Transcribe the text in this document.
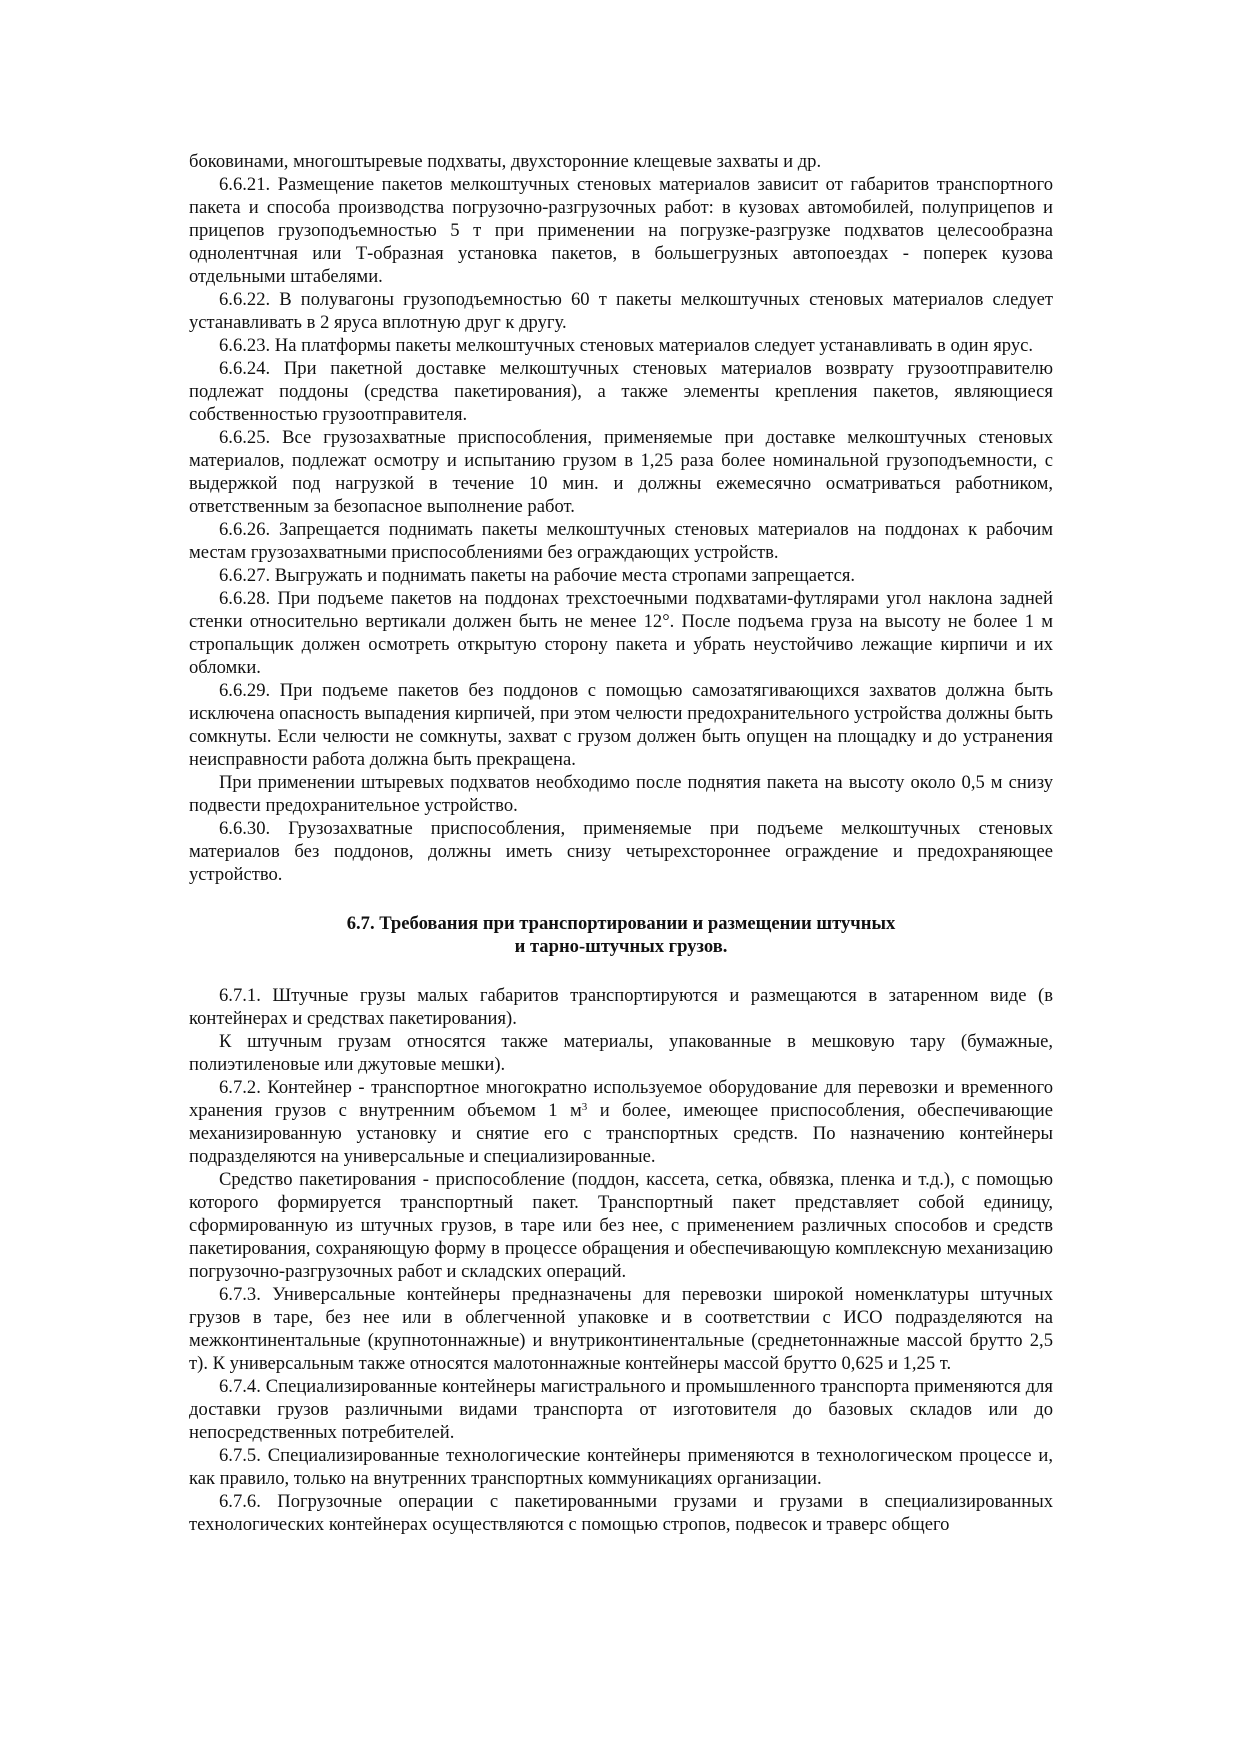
боковинами, многоштыревые подхваты, двухсторонние клещевые захваты и др.

6.6.21. Размещение пакетов мелкоштучных стеновых материалов зависит от габаритов транспортного пакета и способа производства погрузочно-разгрузочных работ: в кузовах автомобилей, полуприцепов и прицепов грузоподъемностью 5 т при применении на погрузке-разгрузке подхватов целесообразна однолентчная или Т-образная установка пакетов, в большегрузных автопоездах - поперек кузова отдельными штабелями.

6.6.22. В полувагоны грузоподъемностью 60 т пакеты мелкоштучных стеновых материалов следует устанавливать в 2 яруса вплотную друг к другу.

6.6.23. На платформы пакеты мелкоштучных стеновых материалов следует устанавливать в один ярус.

6.6.24. При пакетной доставке мелкоштучных стеновых материалов возврату грузоотправителю подлежат поддоны (средства пакетирования), а также элементы крепления пакетов, являющиеся собственностью грузоотправителя.

6.6.25. Все грузозахватные приспособления, применяемые при доставке мелкоштучных стеновых материалов, подлежат осмотру и испытанию грузом в 1,25 раза более номинальной грузоподъемности, с выдержкой под нагрузкой в течение 10 мин. и должны ежемесячно осматриваться работником, ответственным за безопасное выполнение работ.

6.6.26. Запрещается поднимать пакеты мелкоштучных стеновых материалов на поддонах к рабочим местам грузозахватными приспособлениями без ограждающих устройств.

6.6.27. Выгружать и поднимать пакеты на рабочие места стропами запрещается.

6.6.28. При подъеме пакетов на поддонах трехстоечными подхватами-футлярами угол наклона задней стенки относительно вертикали должен быть не менее 12°. После подъема груза на высоту не более 1 м стропальщик должен осмотреть открытую сторону пакета и убрать неустойчиво лежащие кирпичи и их обломки.

6.6.29. При подъеме пакетов без поддонов с помощью самозатягивающихся захватов должна быть исключена опасность выпадения кирпичей, при этом челюсти предохранительного устройства должны быть сомкнуты. Если челюсти не сомкнуты, захват с грузом должен быть опущен на площадку и до устранения неисправности работа должна быть прекращена.

При применении штыревых подхватов необходимо после поднятия пакета на высоту около 0,5 м снизу подвести предохранительное устройство.

6.6.30. Грузозахватные приспособления, применяемые при подъеме мелкоштучных стеновых материалов без поддонов, должны иметь снизу четырехстороннее ограждение и предохраняющее устройство.

6.7. Требования при транспортировании и размещении штучных
и тарно-штучных грузов.

6.7.1. Штучные грузы малых габаритов транспортируются и размещаются в затаренном виде (в контейнерах и средствах пакетирования).

К штучным грузам относятся также материалы, упакованные в мешковую тару (бумажные, полиэтиленовые или джутовые мешки).

6.7.2. Контейнер - транспортное многократно используемое оборудование для перевозки и временного хранения грузов с внутренним объемом 1 $м^3$ и более, имеющее приспособления, обеспечивающие механизированную установку и снятие его с транспортных средств. По назначению контейнеры подразделяются на универсальные и специализированные.

Средство пакетирования - приспособление (поддон, кассета, сетка, обвязка, пленка и т.д.), с помощью которого формируется транспортный пакет. Транспортный пакет представляет собой единицу, сформированную из штучных грузов, в таре или без нее, с применением различных способов и средств пакетирования, сохраняющую форму в процессе обращения и обеспечивающую комплексную механизацию погрузочно-разгрузочных работ и складских операций.

6.7.3. Универсальные контейнеры предназначены для перевозки широкой номенклатуры штучных грузов в таре, без нее или в облегченной упаковке и в соответствии с ИСО подразделяются на межконтинентальные (крупнотоннажные) и внутриконтинентальные (среднетоннажные массой брутто 2,5 т). К универсальным также относятся малотоннажные контейнеры массой брутто 0,625 и 1,25 т.

6.7.4. Специализированные контейнеры магистрального и промышленного транспорта применяются для доставки грузов различными видами транспорта от изготовителя до базовых складов или до непосредственных потребителей.

6.7.5. Специализированные технологические контейнеры применяются в технологическом процессе и, как правило, только на внутренних транспортных коммуникациях организации.

6.7.6. Погрузочные операции с пакетированными грузами и грузами в специализированных технологических контейнерах осуществляются с помощью стропов, подвесок и траверс общего
